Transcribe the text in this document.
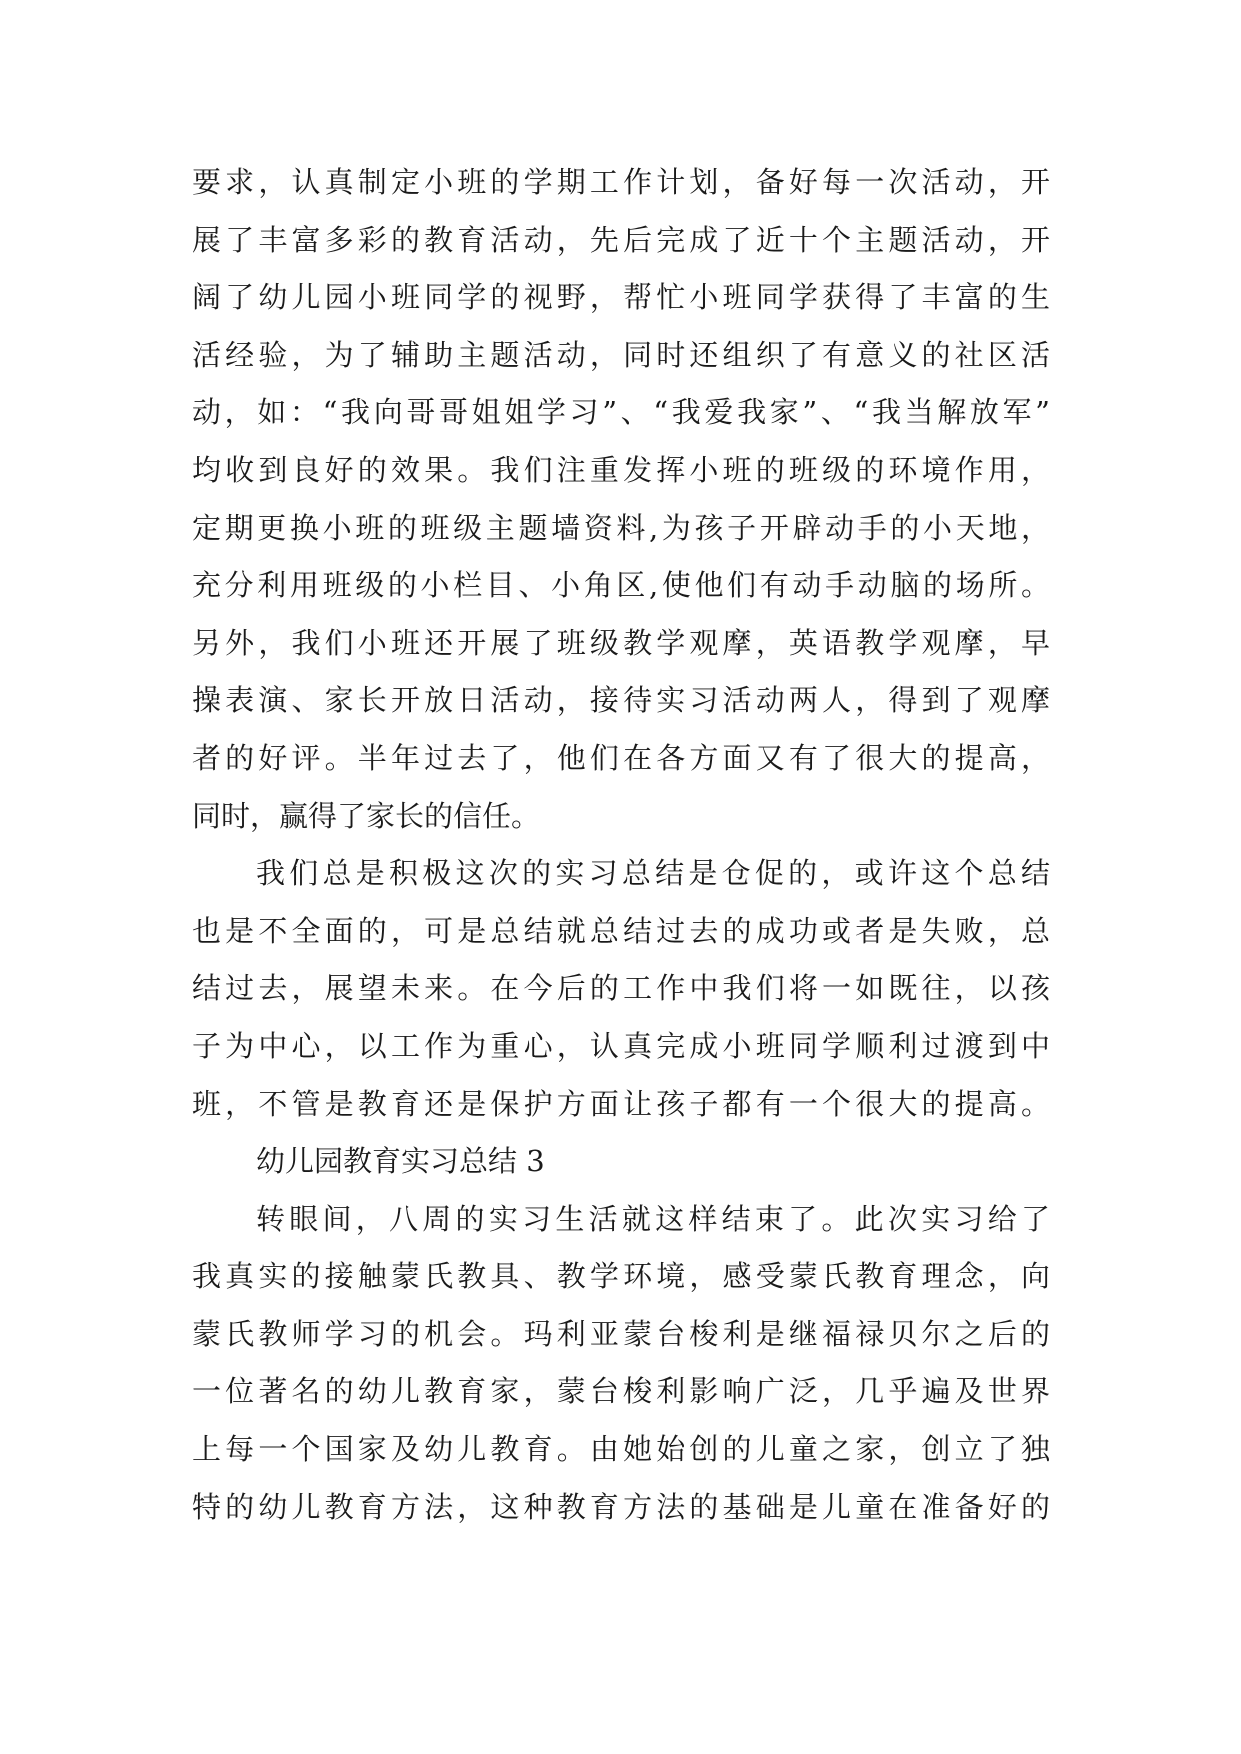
要求，认真制定小班的学期工作计划，备好每一次活动，开
展了丰富多彩的教育活动，先后完成了近十个主题活动，开
阔了幼儿园小班同学的视野，帮忙小班同学获得了丰富的生
活经验，为了辅助主题活动，同时还组织了有意义的社区活
动，如：“我向哥哥姐姐学习”、“我爱我家”、“我当解放军”
均收到良好的效果。我们注重发挥小班的班级的环境作用，
定期更换小班的班级主题墙资料,为孩子开辟动手的小天地，
充分利用班级的小栏目、小角区,使他们有动手动脑的场所。
另外，我们小班还开展了班级教学观摩，英语教学观摩，早
操表演、家长开放日活动，接待实习活动两人，得到了观摩
者的好评。半年过去了，他们在各方面又有了很大的提高，
同时，赢得了家长的信任。
我们总是积极这次的实习总结是仓促的，或许这个总结
也是不全面的，可是总结就总结过去的成功或者是失败，总
结过去，展望未来。在今后的工作中我们将一如既往，以孩
子为中心，以工作为重心，认真完成小班同学顺利过渡到中
班，不管是教育还是保护方面让孩子都有一个很大的提高。
幼儿园教育实习总结 3
转眼间，八周的实习生活就这样结束了。此次实习给了
我真实的接触蒙氏教具、教学环境，感受蒙氏教育理念，向
蒙氏教师学习的机会。玛利亚蒙台梭利是继福禄贝尔之后的
一位著名的幼儿教育家，蒙台梭利影响广泛，几乎遍及世界
上每一个国家及幼儿教育。由她始创的儿童之家，创立了独
特的幼儿教育方法，这种教育方法的基础是儿童在准备好的
